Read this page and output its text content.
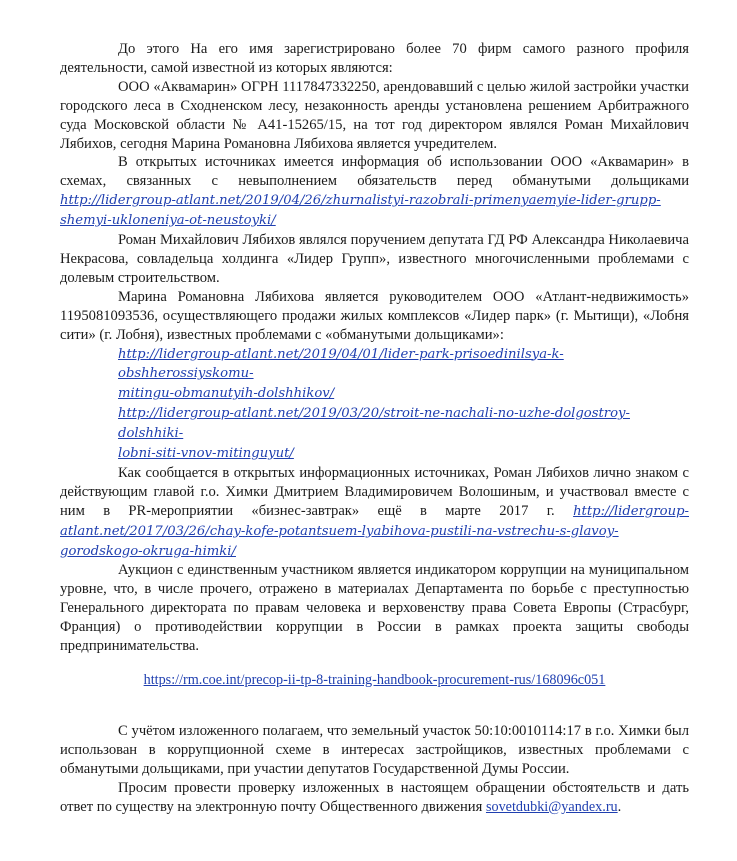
До этого На его имя зарегистрировано более 70 фирм самого разного профиля деятельности, самой известной из которых являются:

ООО «Аквамарин» ОГРН 1117847332250, арендовавший с целью жилой застройки участки городского леса в Сходненском лесу, незаконность аренды установлена решением Арбитражного суда Московской области № А41-15265/15, на тот год директором являлся Роман Михайлович Лябихов, сегодня Марина Романовна Лябихова является учредителем.

В открытых источниках имеется информация об использовании ООО «Аквамарин» в схемах, связанных с невыполнением обязательств перед обманутыми дольщиками http://lidergroup-atlant.net/2019/04/26/zhurnalistyi-razobrali-primenyaemyie-lider-grupp-shemyi-ukloneniya-ot-neustoyki/

Роман Михайлович Лябихов являлся поручением депутата ГД РФ Александра Николаевича Некрасова, совладельца холдинга «Лидер Групп», известного многочисленными проблемами с долевым строительством.

Марина Романовна Лябихова является руководителем ООО «Атлант-недвижимость» 1195081093536, осуществляющего продажи жилых комплексов «Лидер парк» (г. Мытищи), «Лобня сити» (г. Лобня), известных проблемами с «обманутыми дольщиками»:

http://lidergroup-atlant.net/2019/04/01/lider-park-prisoedinilsya-k-obshherossiyskomu-
mitingu-obmanutyih-dolshhikov/

http://lidergroup-atlant.net/2019/03/20/stroit-ne-nachali-no-uzhe-dolgostroy-dolshhiki-
lobni-siti-vnov-mitinguyut/

Как сообщается в открытых информационных источниках, Роман Лябихов лично знаком с действующим главой г.о. Химки Дмитрием Владимировичем Волошиным, и участвовал вместе с ним в PR-мероприятии «бизнес-завтрак» ещё в марте 2017 г. http://lidergroup-atlant.net/2017/03/26/chay-kofe-potantsuem-lyabihova-pustili-na-vstrechu-s-glavoy-gorodskogo-okruga-himki/

Аукцион с единственным участником является индикатором коррупции на муниципальном уровне, что, в числе прочего, отражено в материалах Департамента по борьбе с преступностью Генерального директората по правам человека и верховенству права Совета Европы (Страсбург, Франция) о противодействии коррупции в России в рамках проекта защиты свободы предпринимательства.

https://rm.coe.int/precop-ii-tp-8-training-handbook-procurement-rus/168096c051

С учётом изложенного полагаем, что земельный участок 50:10:0010114:17 в г.о. Химки был использован в коррупционной схеме в интересах застройщиков, известных проблемами с обманутыми дольщиками, при участии депутатов Государственной Думы России.

Просим провести проверку изложенных в настоящем обращении обстоятельств и дать ответ по существу на электронную почту Общественного движения sovetdubki@yandex.ru.
